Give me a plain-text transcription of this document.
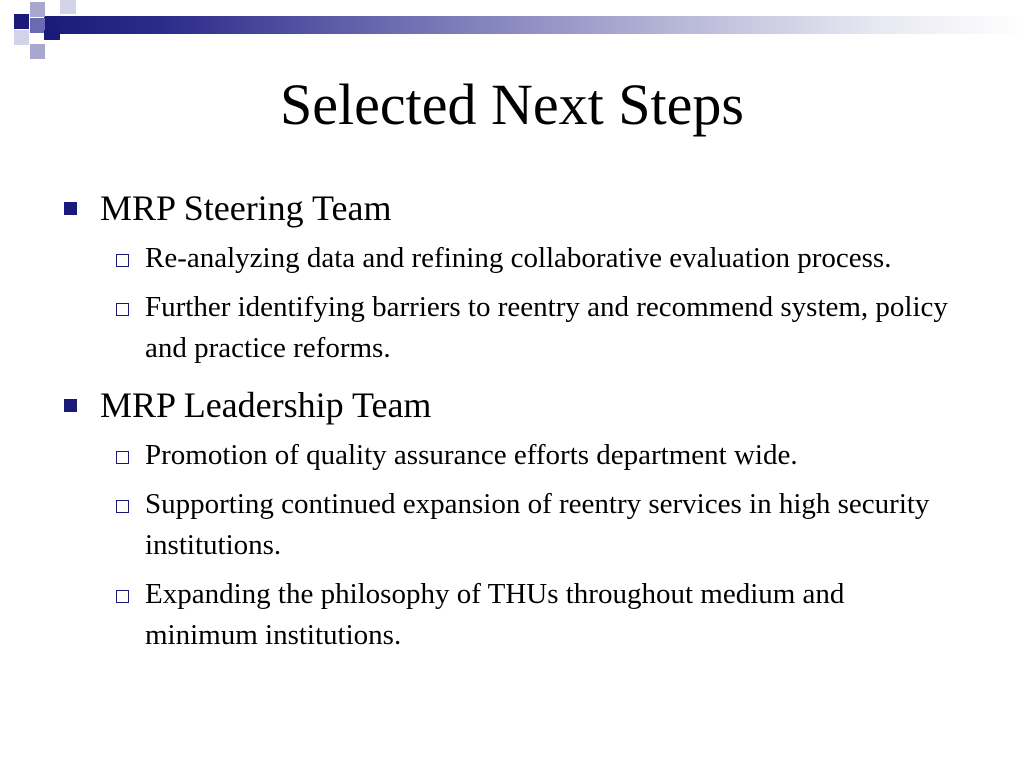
Selected Next Steps
MRP Steering Team
Re-analyzing data and refining collaborative evaluation process.
Further identifying barriers to reentry and recommend system, policy and practice reforms.
MRP Leadership Team
Promotion of quality assurance efforts department wide.
Supporting continued expansion of reentry services in high security institutions.
Expanding the philosophy of THUs throughout medium and minimum institutions.
